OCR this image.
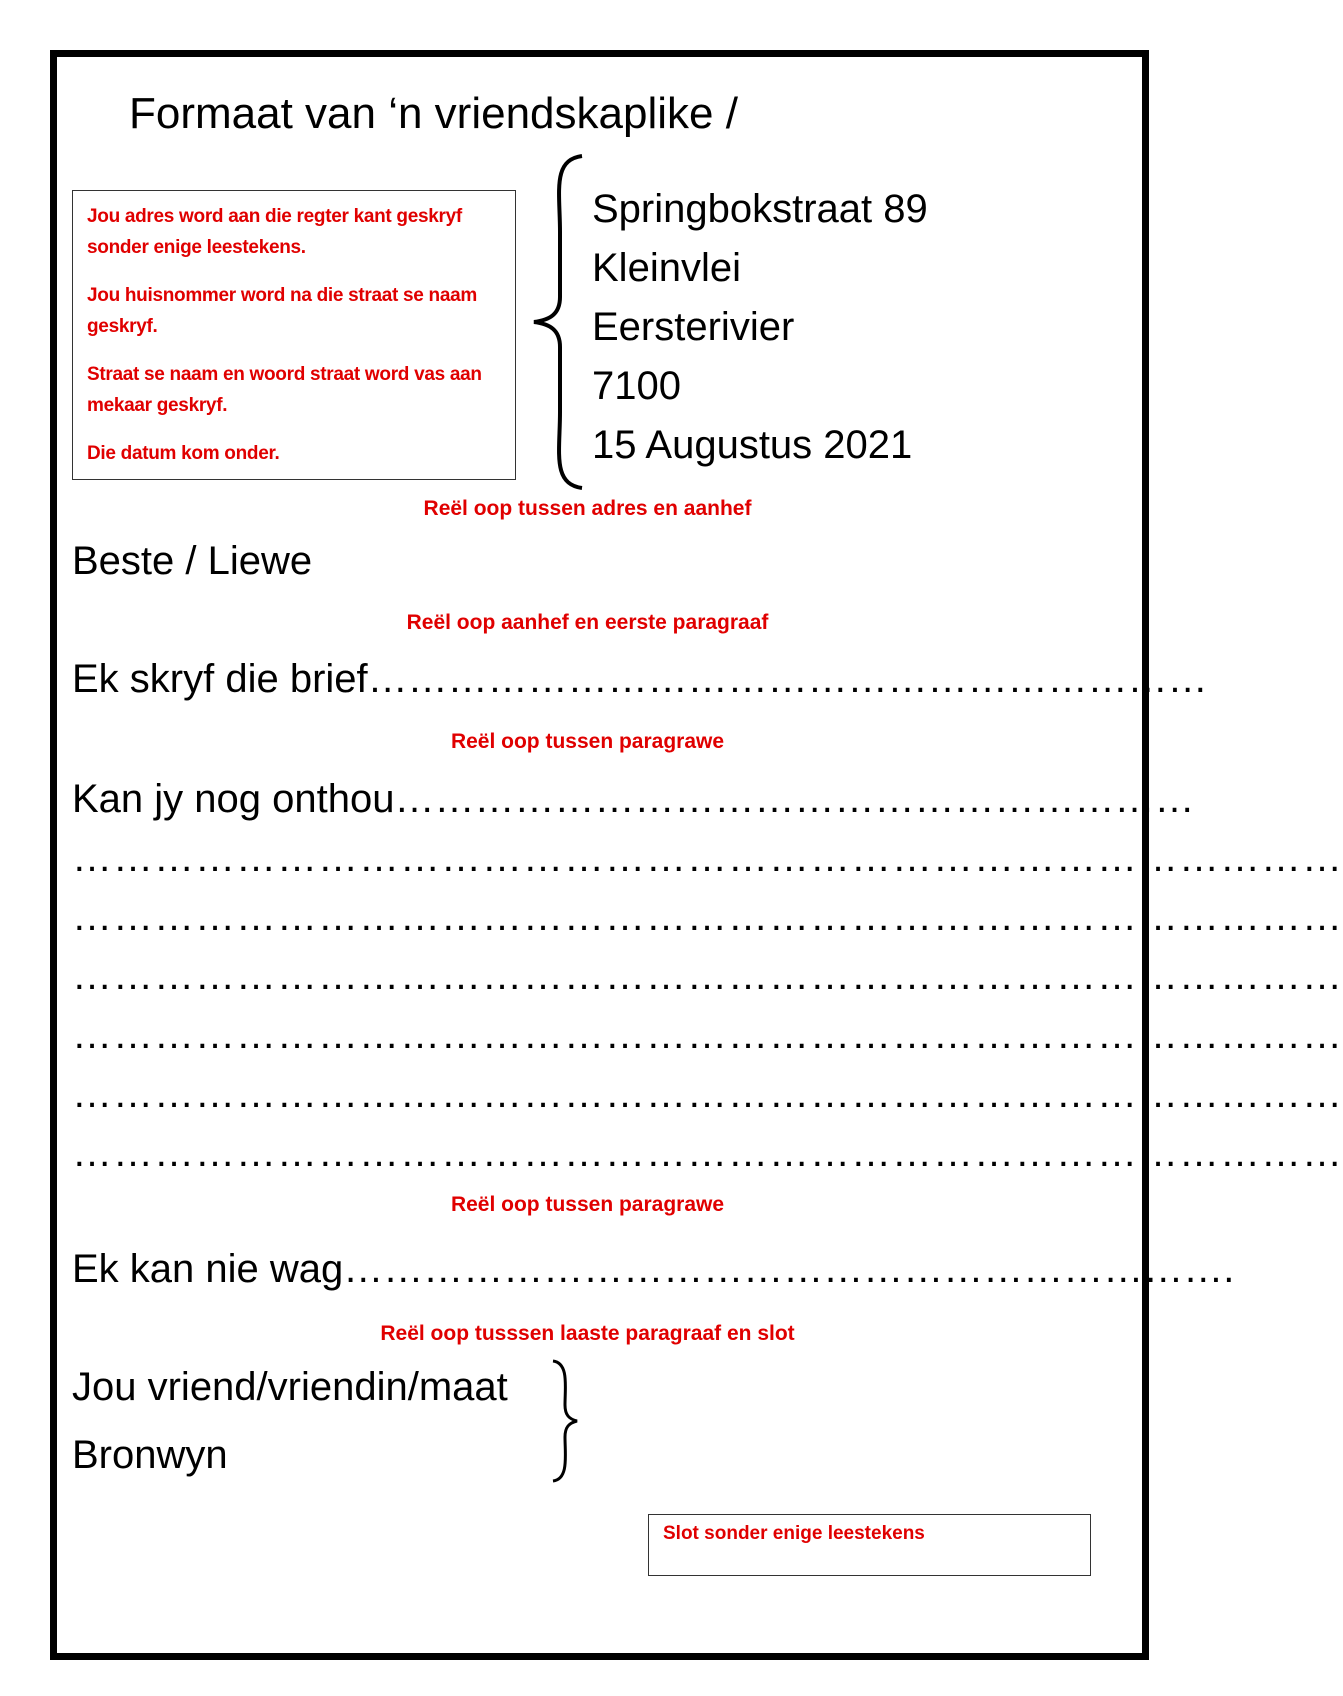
Formaat van ‘n vriendskaplike /

Jou adres word aan die regter kant geskryf sonder enige leestekens.

Jou huisnommer word na die straat se naam geskryf.

Straat se naam en woord straat word vas aan mekaar geskryf.

Die datum kom onder.

Springbokstraat 89
Kleinvlei
Eersterivier
7100
15 Augustus 2021
Reël oop tussen adres en aanhef
Beste / Liewe
Reël oop aanhef en eerste paragraaf
Ek skryf die brief………………………………………………………
Reël oop tussen paragrawe
Kan jy nog onthou……………………………………………………
…………………………………………………………………………………
…………………………………………………………………………………
…………………………………………………………………………………
…………………………………………………………………………………
…………………………………………………………………………………
…………………………………………………………………………………
Reël oop tussen paragrawe
Ek kan nie wag………………………………………………………….
Reël oop tusssen laaste paragraaf en slot
Jou vriend/vriendin/maat
Bronwyn
Slot sonder enige leestekens
